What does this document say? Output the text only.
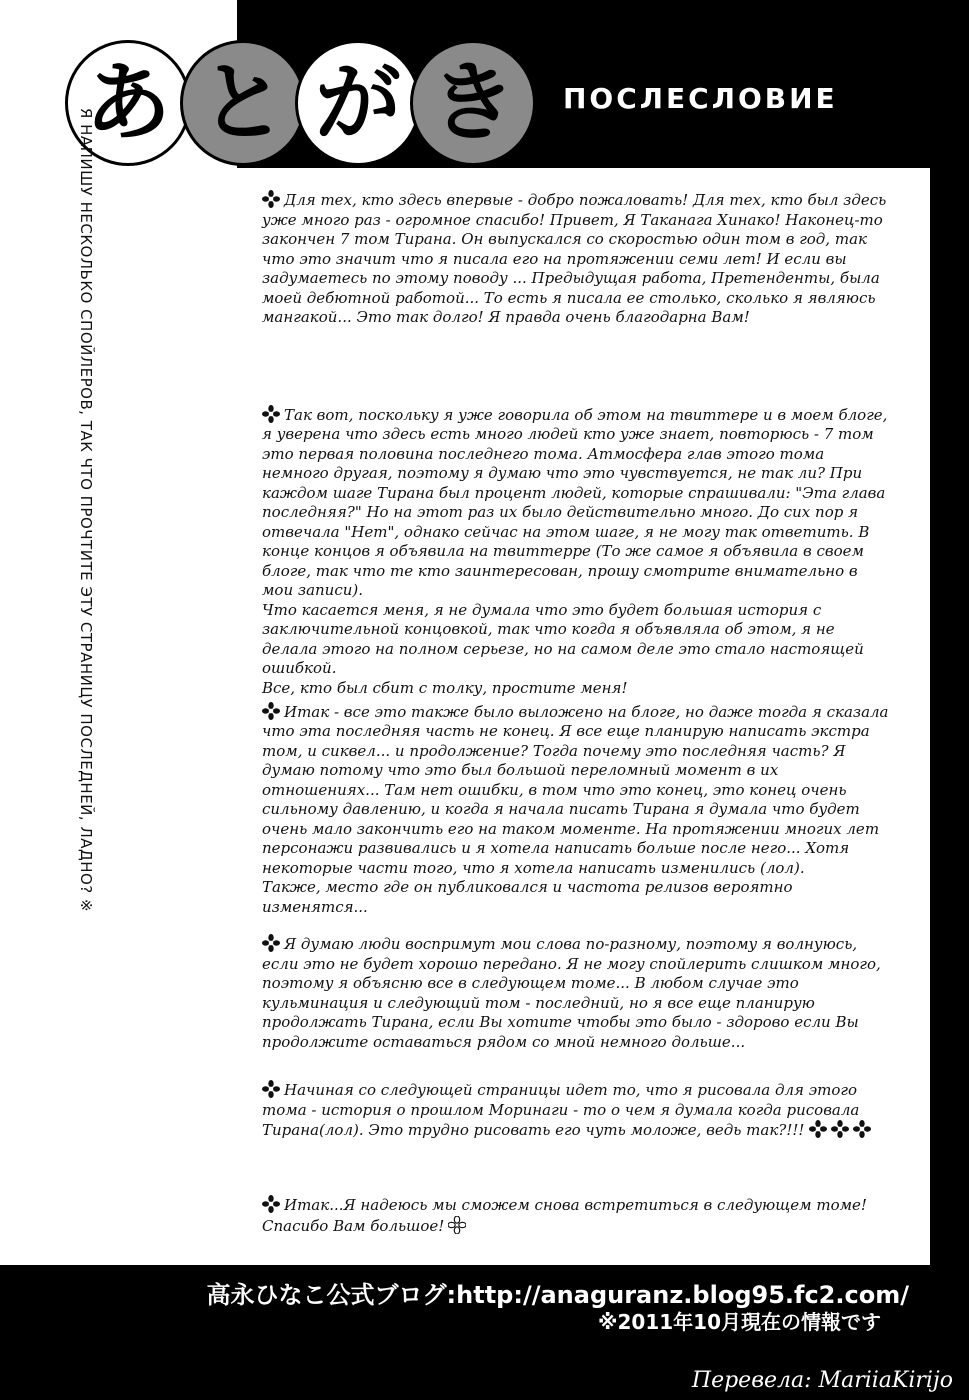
あ と が き	ПОСЛЕСЛОВИЕ
Я НАПИШУ НЕСКОЛЬКО СПОЙЛЕРОВ, ТАК ЧТО ПРОЧТИТЕ ЭТУ СТРАНИЦУ ПОСЛЕДНЕЙ, ЛАДНО? ※	Для тех, кто здесь впервые - добро пожаловать! Для тех, кто был здесь уже много раз - огромное спасибо! Привет, Я Таканага Хинако! Наконец-то закончен 7 том Тирана. Он выпускался со скоростью один том в год, так что это значит что я писала его на протяжении семи лет! И если вы задумаетесь по этому поводу ... Предыдущая работа, Претенденты, была моей дебютной работой... То есть я писала ее столько, сколько я являюсь мангакой... Это так долго! Я правда очень благодарна Вам!

Так вот, поскольку я уже говорила об этом на твиттере и в моем блоге, я уверена что здесь есть много людей кто уже знает, повторюсь - 7 том это первая половина последнего тома. Атмосфера глав этого тома немного другая, поэтому я думаю что это чувствуется, не так ли? При каждом шаге Тирана был процент людей, которые спрашивали: "Эта глава последняя?" Но на этот раз их было действительно много. До сих пор я отвечала "Нет", однако сейчас на этом шаге, я не могу так ответить. В конце концов я объявила на твиттерре (То же самое я объявила в своем блоге, так что те кто заинтересован, прошу смотрите внимательно в мои записи).
Что касается меня, я не думала что это будет большая история с заключительной концовкой, так что когда я объявляла об этом, я не делала этого на полном серьезе, но на самом деле это стало настоящей ошибкой.
Все, кто был сбит с толку, простите меня!

Итак - все это также было выложено на блоге, но даже тогда я сказала что эта последняя часть не конец. Я все еще планирую написать экстра том, и сиквел... и продолжение? Тогда почему это последняя часть? Я думаю потому что это был большой переломный момент в их отношениях... Там нет ошибки, в том что это конец, это конец очень сильному давлению, и когда я начала писать Тирана я думала что будет очень мало закончить его на таком моменте. На протяжении многих лет персонажи развивались и я хотела написать больше после него... Хотя некоторые части того, что я хотела написать изменились (лол).
Также, место где он публиковался и частота релизов вероятно изменятся...

Я думаю люди воспримут мои слова по-разному, поэтому я волнуюсь, если это не будет хорошо передано. Я не могу спойлерить слишком много, поэтому я объясню все в следующем томе... В любом случае это кульминация и следующий том - последний, но я все еще планирую продолжать Тирана, если Вы хотите чтобы это было - здорово если Вы продолжите оставаться рядом со мной немного дольше...

Начиная со следующей страницы идет то, что я рисовала для этого тома - история о прошлом Моринаги - то о чем я думала когда рисовала Тирана(лол). Это трудно рисовать его чуть моложе, ведь так?!!!

Итак...Я надеюсь мы сможем снова встретиться в следующем томе! Спасибо Вам большое!

高永ひなこ公式ブログ:http://anaguranz.blog95.fc2.com/
※2011年10月現在の情報です
Перевела: MariiaKirijo
